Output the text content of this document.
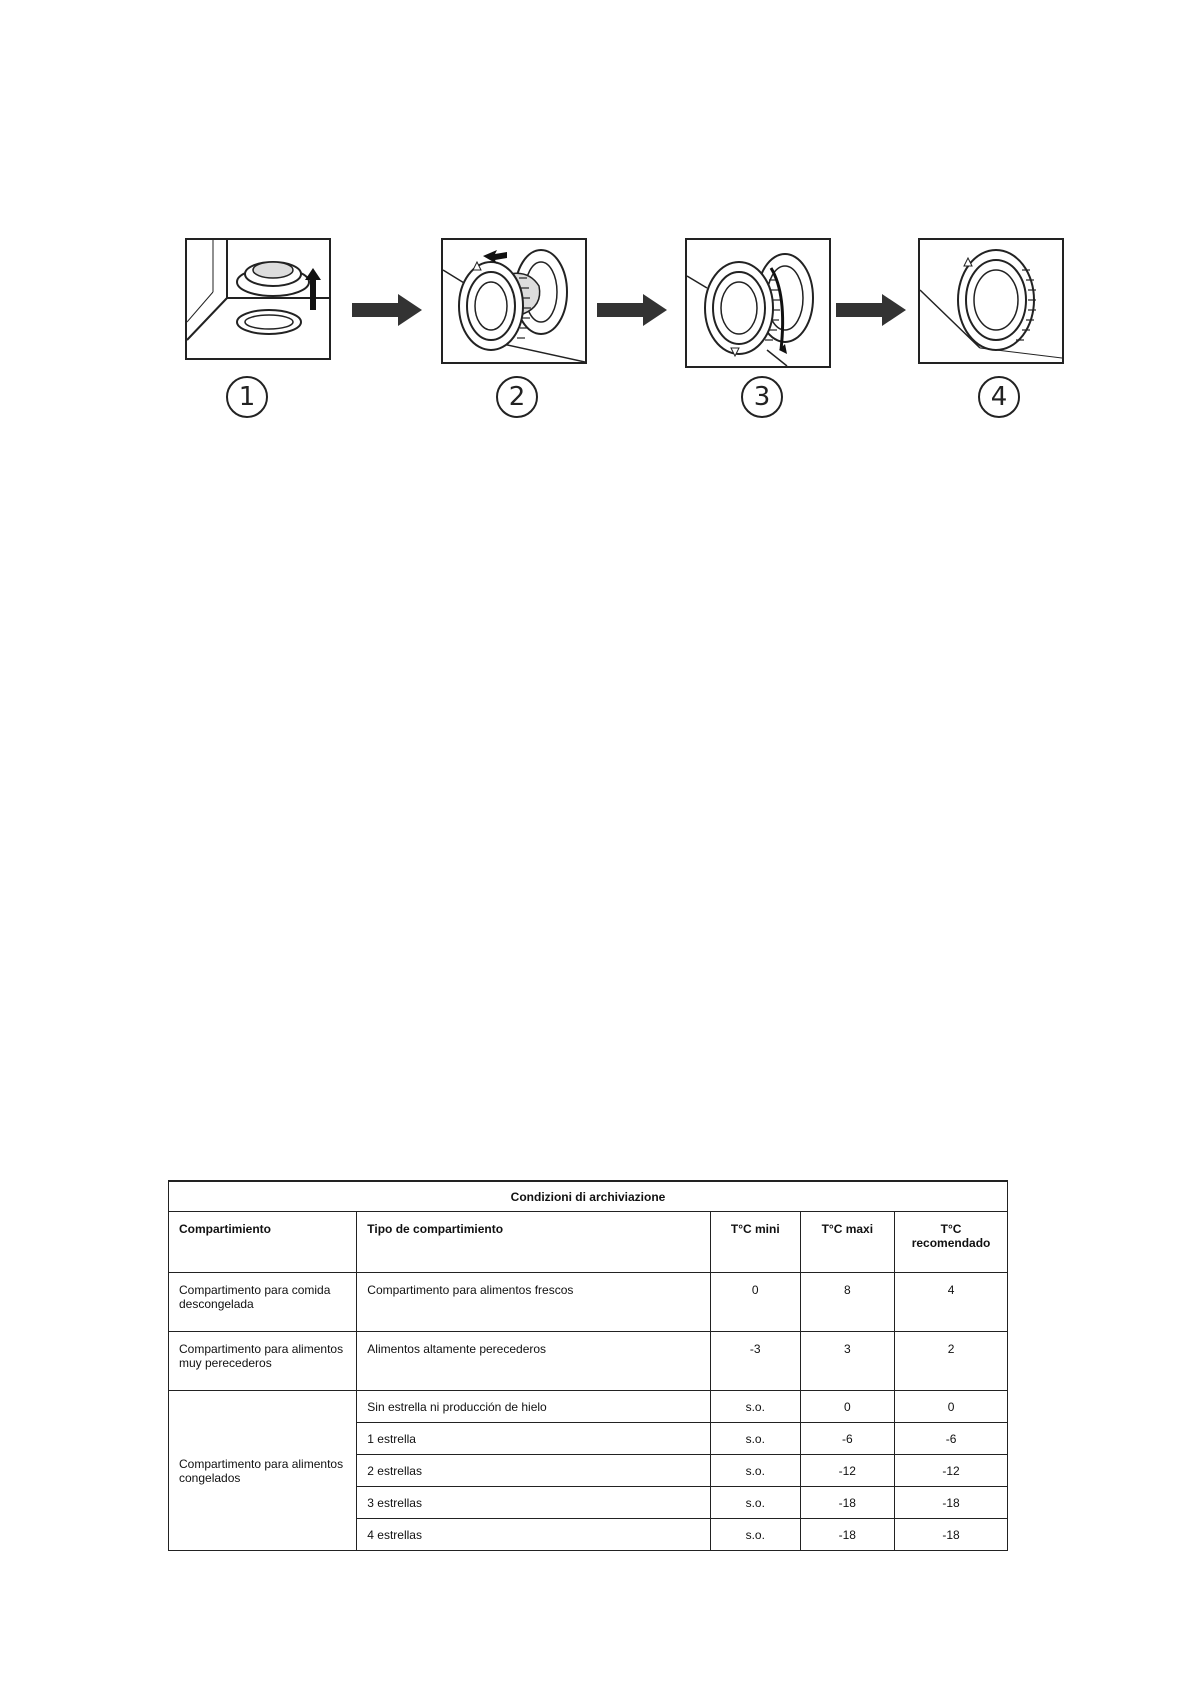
1	2	3	4
Condizioni di archiviazione				
Compartimiento	Tipo de compartimiento	T°C mini	T°C maxi	T°C recomendado
Compartimento para comida descongelada	Compartimento para alimentos frescos	0	8	4
Compartimento para alimentos muy perecederos	Alimentos altamente perecederos	-3	3	2
Compartimento para alimentos congelados	Sin estrella ni producción de hielo	s.o.	0	0
	1 estrella	s.o.	-6	-6
	2 estrellas	s.o.	-12	-12
	3 estrellas	s.o.	-18	-18
	4 estrellas	s.o.	-18	-18
